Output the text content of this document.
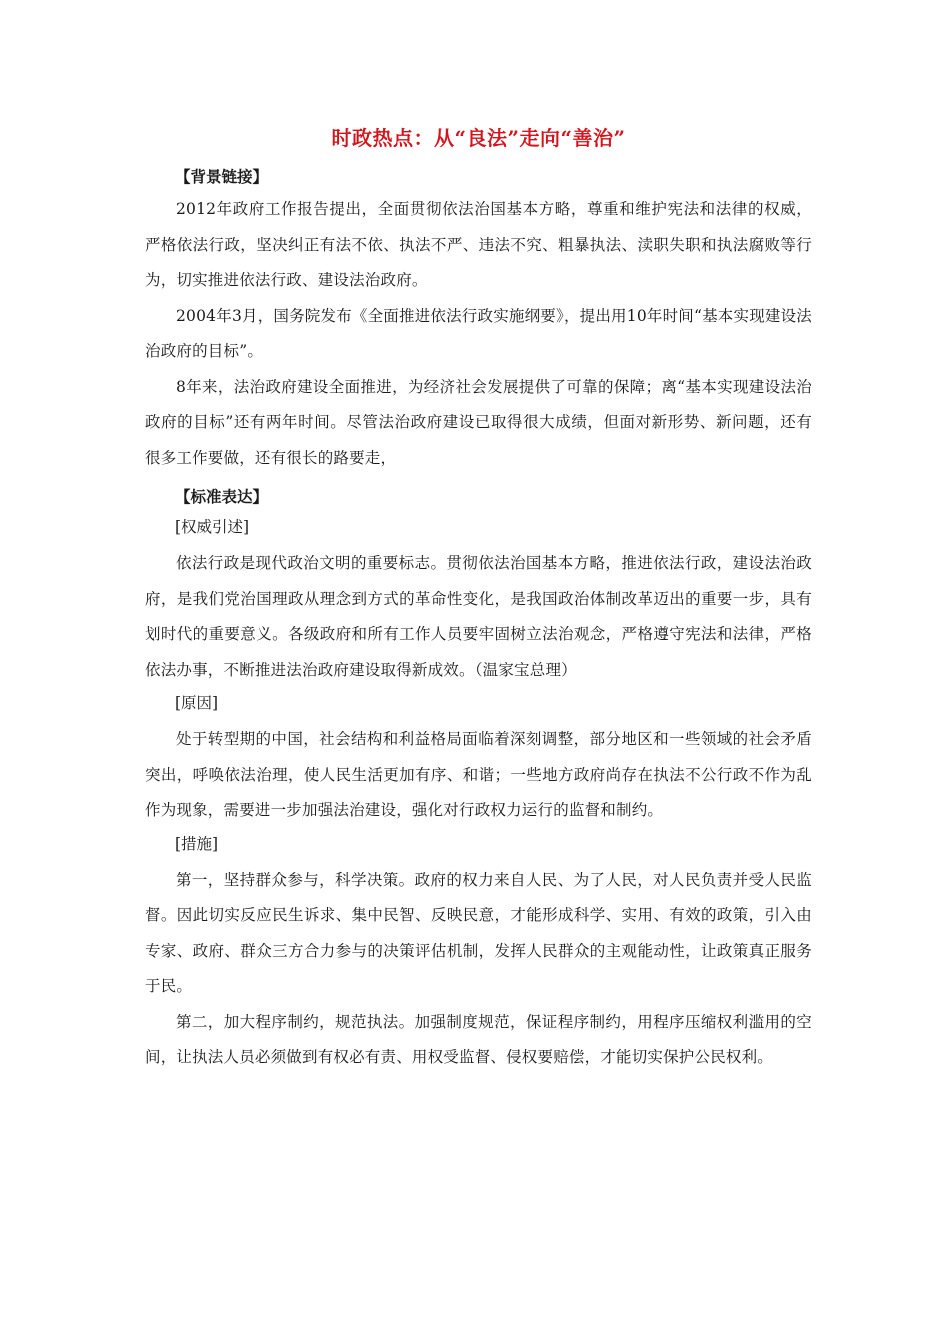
时政热点：从“良法”走向“善治”
【背景链接】

2012年政府工作报告提出，全面贯彻依法治国基本方略，尊重和维护宪法和法律的权威，严格依法行政，坚决纠正有法不依、执法不严、违法不究、粗暴执法、渎职失职和执法腐败等行为，切实推进依法行政、建设法治政府。

2004年3月，国务院发布《全面推进依法行政实施纲要》，提出用10年时间“基本实现建设法治政府的目标”。

8年来，法治政府建设全面推进，为经济社会发展提供了可靠的保障；离“基本实现建设法治政府的目标”还有两年时间。尽管法治政府建设已取得很大成绩，但面对新形势、新问题，还有很多工作要做，还有很长的路要走，

【标准表达】
[权威引述]

依法行政是现代政治文明的重要标志。贯彻依法治国基本方略，推进依法行政，建设法治政府，是我们党治国理政从理念到方式的革命性变化，是我国政治体制改革迈出的重要一步，具有划时代的重要意义。各级政府和所有工作人员要牢固树立法治观念，严格遵守宪法和法律，严格依法办事，不断推进法治政府建设取得新成效。（温家宝总理）

[原因]

处于转型期的中国，社会结构和利益格局面临着深刻调整，部分地区和一些领域的社会矛盾突出，呼唤依法治理，使人民生活更加有序、和谐；一些地方政府尚存在执法不公行政不作为乱作为现象，需要进一步加强法治建设，强化对行政权力运行的监督和制约。

[措施]

第一，坚持群众参与，科学决策。政府的权力来自人民、为了人民，对人民负责并受人民监督。因此切实反应民生诉求、集中民智、反映民意，才能形成科学、实用、有效的政策，引入由专家、政府、群众三方合力参与的决策评估机制，发挥人民群众的主观能动性，让政策真正服务于民。

第二，加大程序制约，规范执法。加强制度规范，保证程序制约，用程序压缩权利滥用的空间，让执法人员必须做到有权必有责、用权受监督、侵权要赔偿，才能切实保护公民权利。
